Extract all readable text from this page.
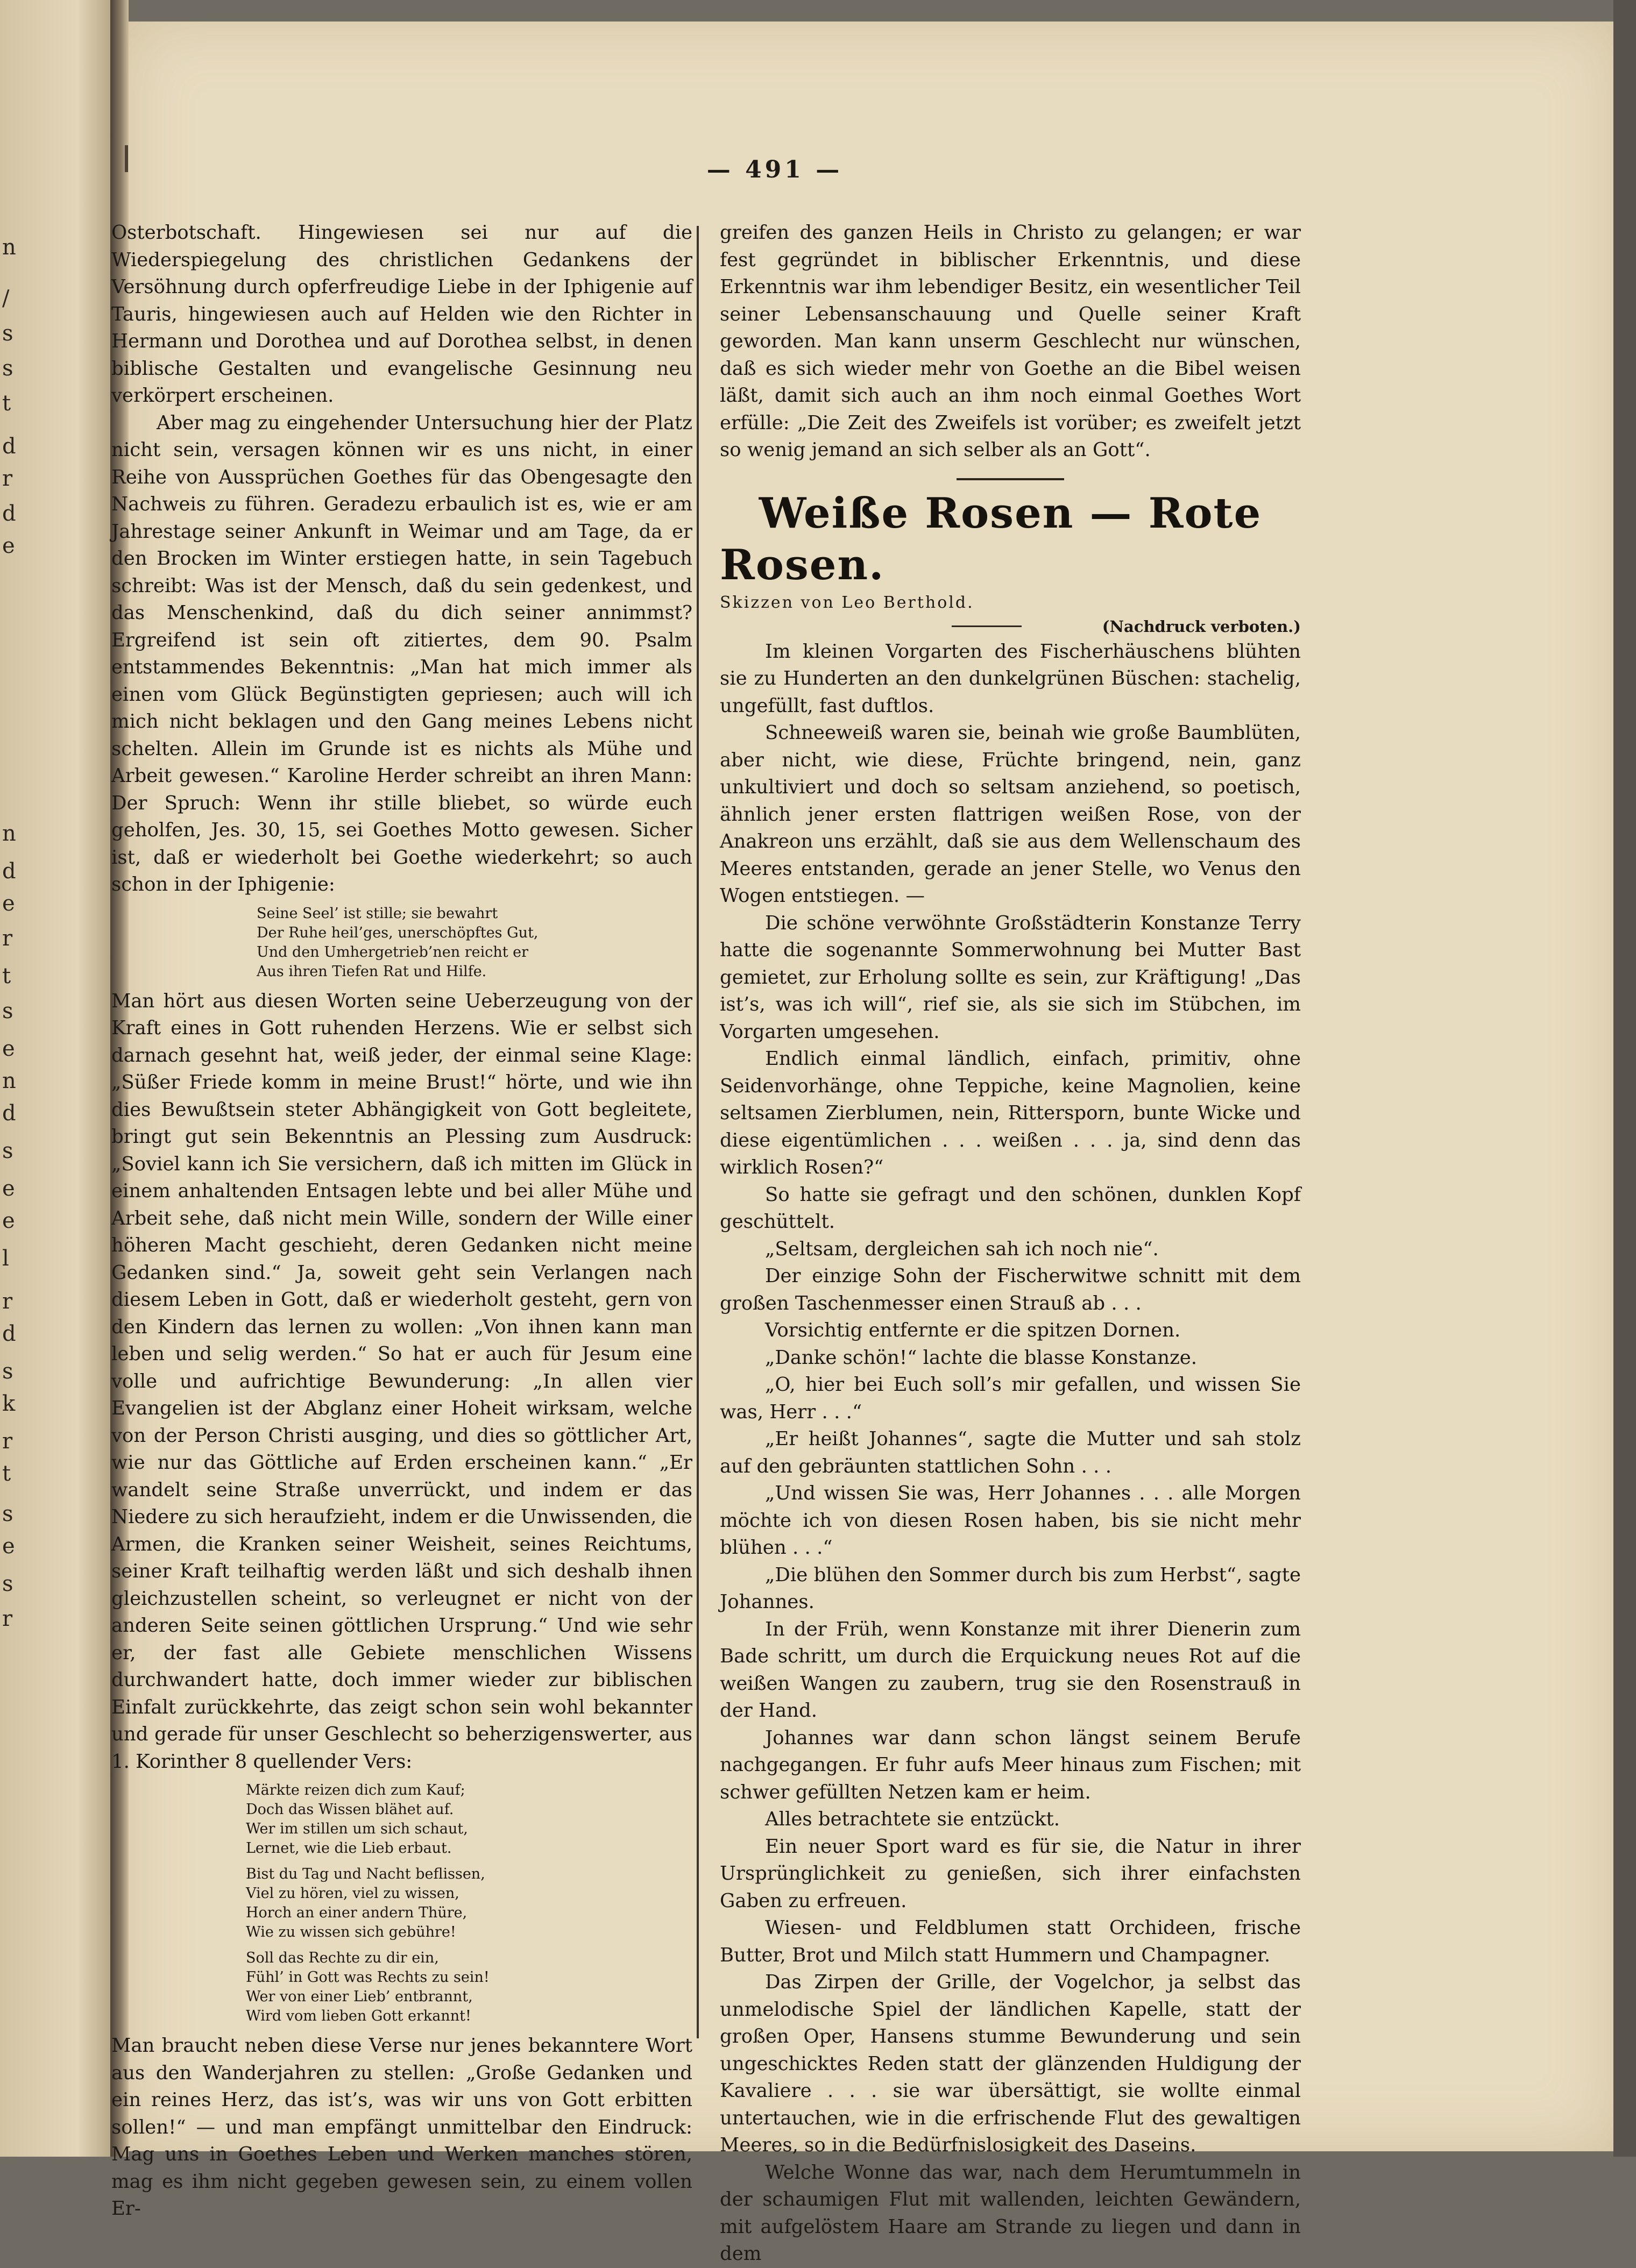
n
/
s
s
t
d
r
d
e
n
d
e
r
t
s
e
n
d
s
e
e
l
r
d
s
k
r
t
s
e
s
r
— 491 —

Osterbotschaft. Hingewiesen sei nur auf die Wiederspiegelung des christlichen Gedankens der Versöhnung durch opferfreudige Liebe in der Iphigenie auf Tauris, hingewiesen auch auf Helden wie den Richter in Hermann und Dorothea und auf Dorothea selbst, in denen biblische Gestalten und evangelische Gesinnung neu verkörpert erscheinen.

Aber mag zu eingehender Untersuchung hier der Platz nicht sein, versagen können wir es uns nicht, in einer Reihe von Aussprüchen Goethes für das Obengesagte den Nachweis zu führen. Geradezu erbaulich ist es, wie er am Jahrestage seiner Ankunft in Weimar und am Tage, da er den Brocken im Winter erstiegen hatte, in sein Tagebuch schreibt: Was ist der Mensch, daß du sein gedenkest, und das Menschenkind, daß du dich seiner annimmst? Ergreifend ist sein oft zitiertes, dem 90. Psalm entstammendes Bekenntnis: „Man hat mich immer als einen vom Glück Begünstigten gepriesen; auch will ich mich nicht beklagen und den Gang meines Lebens nicht schelten. Allein im Grunde ist es nichts als Mühe und Arbeit gewesen.“ Karoline Herder schreibt an ihren Mann: Der Spruch: Wenn ihr stille bliebet, so würde euch geholfen, Jes. 30, 15, sei Goethes Motto gewesen. Sicher ist, daß er wiederholt bei Goethe wiederkehrt; so auch schon in der Iphigenie:

Seine Seel’ ist stille; sie bewahrt
Der Ruhe heil’ges, unerschöpftes Gut,
Und den Umhergetrieb’nen reicht er
Aus ihren Tiefen Rat und Hilfe.

Man hört aus diesen Worten seine Ueberzeugung von der Kraft eines in Gott ruhenden Herzens. Wie er selbst sich darnach gesehnt hat, weiß jeder, der einmal seine Klage: „Süßer Friede komm in meine Brust!“ hörte, und wie ihn dies Bewußtsein steter Abhängigkeit von Gott begleitete, bringt gut sein Bekenntnis an Plessing zum Ausdruck: „Soviel kann ich Sie versichern, daß ich mitten im Glück in einem anhaltenden Entsagen lebte und bei aller Mühe und Arbeit sehe, daß nicht mein Wille, sondern der Wille einer höheren Macht geschieht, deren Gedanken nicht meine Gedanken sind.“ Ja, soweit geht sein Verlangen nach diesem Leben in Gott, daß er wiederholt gesteht, gern von den Kindern das lernen zu wollen: „Von ihnen kann man leben und selig werden.“ So hat er auch für Jesum eine volle und aufrichtige Bewunderung: „In allen vier Evangelien ist der Abglanz einer Hoheit wirksam, welche von der Person Christi ausging, und dies so göttlicher Art, wie nur das Göttliche auf Erden erscheinen kann.“ „Er wandelt seine Straße unverrückt, und indem er das Niedere zu sich heraufzieht, indem er die Unwissenden, die Armen, die Kranken seiner Weisheit, seines Reichtums, seiner Kraft teilhaftig werden läßt und sich deshalb ihnen gleichzustellen scheint, so verleugnet er nicht von der anderen Seite seinen göttlichen Ursprung.“ Und wie sehr er, der fast alle Gebiete menschlichen Wissens durchwandert hatte, doch immer wieder zur biblischen Einfalt zurückkehrte, das zeigt schon sein wohl bekannter und gerade für unser Geschlecht so beherzigenswerter, aus 1. Korinther 8 quellender Vers:

Märkte reizen dich zum Kauf;
Doch das Wissen blähet auf.
Wer im stillen um sich schaut,
Lernet, wie die Lieb erbaut.
Bist du Tag und Nacht beflissen,
Viel zu hören, viel zu wissen,
Horch an einer andern Thüre,
Wie zu wissen sich gebühre!
Soll das Rechte zu dir ein,
Fühl’ in Gott was Rechts zu sein!
Wer von einer Lieb’ entbrannt,
Wird vom lieben Gott erkannt!

Man braucht neben diese Verse nur jenes bekanntere Wort aus den Wanderjahren zu stellen: „Große Gedanken und ein reines Herz, das ist’s, was wir uns von Gott erbitten sollen!“ — und man empfängt unmittelbar den Eindruck: Mag uns in Goethes Leben und Werken manches stören, mag es ihm nicht gegeben gewesen sein, zu einem vollen Er-

greifen des ganzen Heils in Christo zu gelangen; er war fest gegründet in biblischer Erkenntnis, und diese Erkenntnis war ihm lebendiger Besitz, ein wesentlicher Teil seiner Lebensanschauung und Quelle seiner Kraft geworden. Man kann unserm Geschlecht nur wünschen, daß es sich wieder mehr von Goethe an die Bibel weisen läßt, damit sich auch an ihm noch einmal Goethes Wort erfülle: „Die Zeit des Zweifels ist vorüber; es zweifelt jetzt so wenig jemand an sich selber als an Gott“.

Weiße Rosen — Rote Rosen.
Skizzen von Leo Berthold.
(Nachdruck verboten.)

Im kleinen Vorgarten des Fischerhäuschens blühten sie zu Hunderten an den dunkelgrünen Büschen: stachelig, ungefüllt, fast duftlos.

Schneeweiß waren sie, beinah wie große Baumblüten, aber nicht, wie diese, Früchte bringend, nein, ganz unkultiviert und doch so seltsam anziehend, so poetisch, ähnlich jener ersten flattrigen weißen Rose, von der Anakreon uns erzählt, daß sie aus dem Wellenschaum des Meeres entstanden, gerade an jener Stelle, wo Venus den Wogen entstiegen. —

Die schöne verwöhnte Großstädterin Konstanze Terry hatte die sogenannte Sommerwohnung bei Mutter Bast gemietet, zur Erholung sollte es sein, zur Kräftigung! „Das ist’s, was ich will“, rief sie, als sie sich im Stübchen, im Vorgarten umgesehen.

Endlich einmal ländlich, einfach, primitiv, ohne Seidenvorhänge, ohne Teppiche, keine Magnolien, keine seltsamen Zierblumen, nein, Rittersporn, bunte Wicke und diese eigentümlichen . . . weißen . . . ja, sind denn das wirklich Rosen?“

So hatte sie gefragt und den schönen, dunklen Kopf geschüttelt.

„Seltsam, dergleichen sah ich noch nie“.

Der einzige Sohn der Fischerwitwe schnitt mit dem großen Taschenmesser einen Strauß ab . . .

Vorsichtig entfernte er die spitzen Dornen.

„Danke schön!“ lachte die blasse Konstanze.

„O, hier bei Euch soll’s mir gefallen, und wissen Sie was, Herr . . .“

„Er heißt Johannes“, sagte die Mutter und sah stolz auf den gebräunten stattlichen Sohn . . .

„Und wissen Sie was, Herr Johannes . . . alle Morgen möchte ich von diesen Rosen haben, bis sie nicht mehr blühen . . .“

„Die blühen den Sommer durch bis zum Herbst“, sagte Johannes.

In der Früh, wenn Konstanze mit ihrer Dienerin zum Bade schritt, um durch die Erquickung neues Rot auf die weißen Wangen zu zaubern, trug sie den Rosenstrauß in der Hand.

Johannes war dann schon längst seinem Berufe nachgegangen. Er fuhr aufs Meer hinaus zum Fischen; mit schwer gefüllten Netzen kam er heim.

Alles betrachtete sie entzückt.

Ein neuer Sport ward es für sie, die Natur in ihrer Ursprünglichkeit zu genießen, sich ihrer einfachsten Gaben zu erfreuen.

Wiesen- und Feldblumen statt Orchideen, frische Butter, Brot und Milch statt Hummern und Champagner.

Das Zirpen der Grille, der Vogelchor, ja selbst das unmelodische Spiel der ländlichen Kapelle, statt der großen Oper, Hansens stumme Bewunderung und sein ungeschicktes Reden statt der glänzenden Huldigung der Kavaliere . . . sie war übersättigt, sie wollte einmal untertauchen, wie in die erfrischende Flut des gewaltigen Meeres, so in die Bedürfnislosigkeit des Daseins.

Welche Wonne das war, nach dem Herumtummeln in der schaumigen Flut mit wallenden, leichten Gewändern, mit aufgelöstem Haare am Strande zu liegen und dann in dem
